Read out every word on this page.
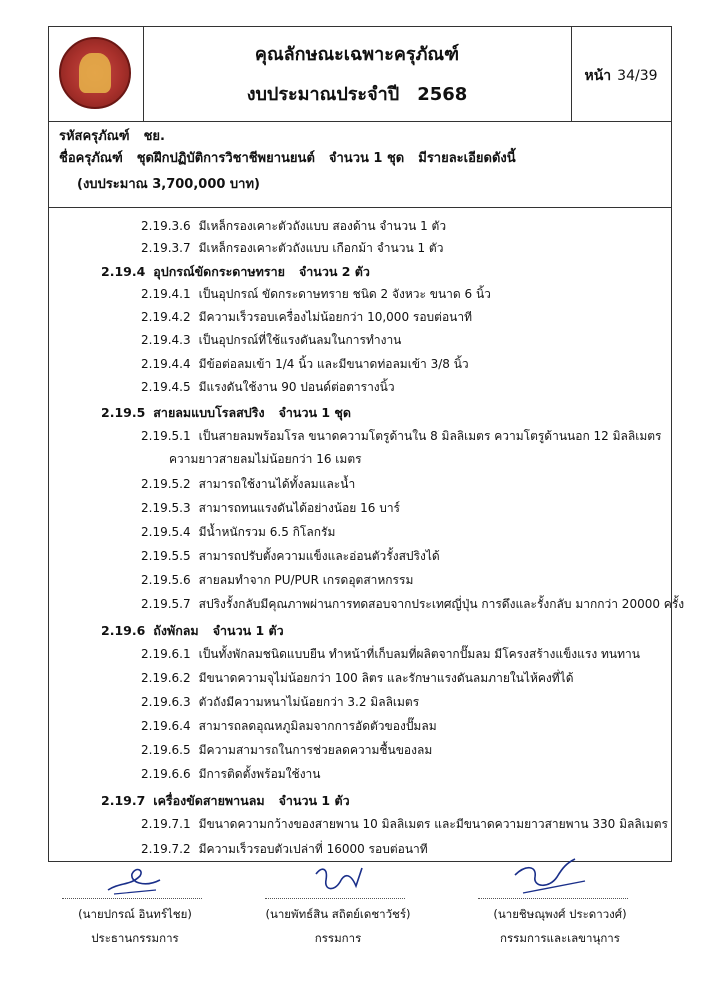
คุณลักษณะเฉพาะครุภัณฑ์
งบประมาณประจำปี 2568
หน้า 34/39
รหัสครุภัณฑ์ ชย.
ชื่อครุภัณฑ์ ชุดฝึกปฏิบัติการวิชาชีพยานยนต์ จำนวน 1 ชุด มีรายละเอียดดังนี้
(งบประมาณ 3,700,000 บาท)
2.19.3.6 มีเหล็กรองเคาะตัวถังแบบ สองด้าน จำนวน 1 ตัว
2.19.3.7 มีเหล็กรองเคาะตัวถังแบบ เกือกม้า จำนวน 1 ตัว
2.19.4 อุปกรณ์ขัดกระดาษทราย จำนวน 2 ตัว
2.19.4.1 เป็นอุปกรณ์ ขัดกระดาษทราย ชนิด 2 จังหวะ ขนาด 6 นิ้ว
2.19.4.2 มีความเร็วรอบเครื่องไม่น้อยกว่า 10,000 รอบต่อนาที
2.19.4.3 เป็นอุปกรณ์ที่ใช้แรงดันลมในการทำงาน
2.19.4.4 มีข้อต่อลมเข้า 1/4 นิ้ว และมีขนาดท่อลมเข้า 3/8 นิ้ว
2.19.4.5 มีแรงดันใช้งาน 90 ปอนด์ต่อตารางนิ้ว
2.19.5 สายลมแบบโรลสปริง จำนวน 1 ชุด
2.19.5.1 เป็นสายลมพร้อมโรล ขนาดความโตรูด้านใน 8 มิลลิเมตร ความโตรูด้านนอก 12 มิลลิเมตร
ความยาวสายลมไม่น้อยกว่า 16 เมตร
2.19.5.2 สามารถใช้งานได้ทั้งลมและน้ำ
2.19.5.3 สามารถทนแรงดันได้อย่างน้อย 16 บาร์
2.19.5.4 มีน้ำหนักรวม 6.5 กิโลกรัม
2.19.5.5 สามารถปรับตั้งความแข็งและอ่อนตัวรั้งสปริงได้
2.19.5.6 สายลมทำจาก PU/PUR เกรดอุตสาหกรรม
2.19.5.7 สปริงรั้งกลับมีคุณภาพผ่านการทดสอบจากประเทศญี่ปุ่น การดึงและรั้งกลับ มากกว่า 20000 ครั้ง
2.19.6 ถังพักลม จำนวน 1 ตัว
2.19.6.1 เป็นทั้งพักลมชนิดแบบยืน ทำหน้าที่เก็บลมที่ผลิตจากปั๊มลม มีโครงสร้างแข็งแรง ทนทาน
2.19.6.2 มีขนาดความจุไม่น้อยกว่า 100 ลิตร และรักษาแรงดันลมภายในไห้คงที่ได้
2.19.6.3 ตัวถังมีความหนาไม่น้อยกว่า 3.2 มิลลิเมตร
2.19.6.4 สามารถลดอุณหภูมิลมจากการอัดตัวของปั๊มลม
2.19.6.5 มีความสามารถในการช่วยลดความชื้นของลม
2.19.6.6 มีการติดตั้งพร้อมใช้งาน
2.19.7 เครื่องขัดสายพานลม จำนวน 1 ตัว
2.19.7.1 มีขนาดความกว้างของสายพาน 10 มิลลิเมตร และมีขนาดความยาวสายพาน 330 มิลลิเมตร
2.19.7.2 มีความเร็วรอบตัวเปล่าที่ 16000 รอบต่อนาที
(นายปกรณ์ อินทร์ไชย)
ประธานกรรมการ
(นายพัทธ์สิน สถิตย์เดชาวัชร์)
กรรมการ
(นายชิษณุพงศ์ ประดาวงศ์)
กรรมการและเลขานุการ
